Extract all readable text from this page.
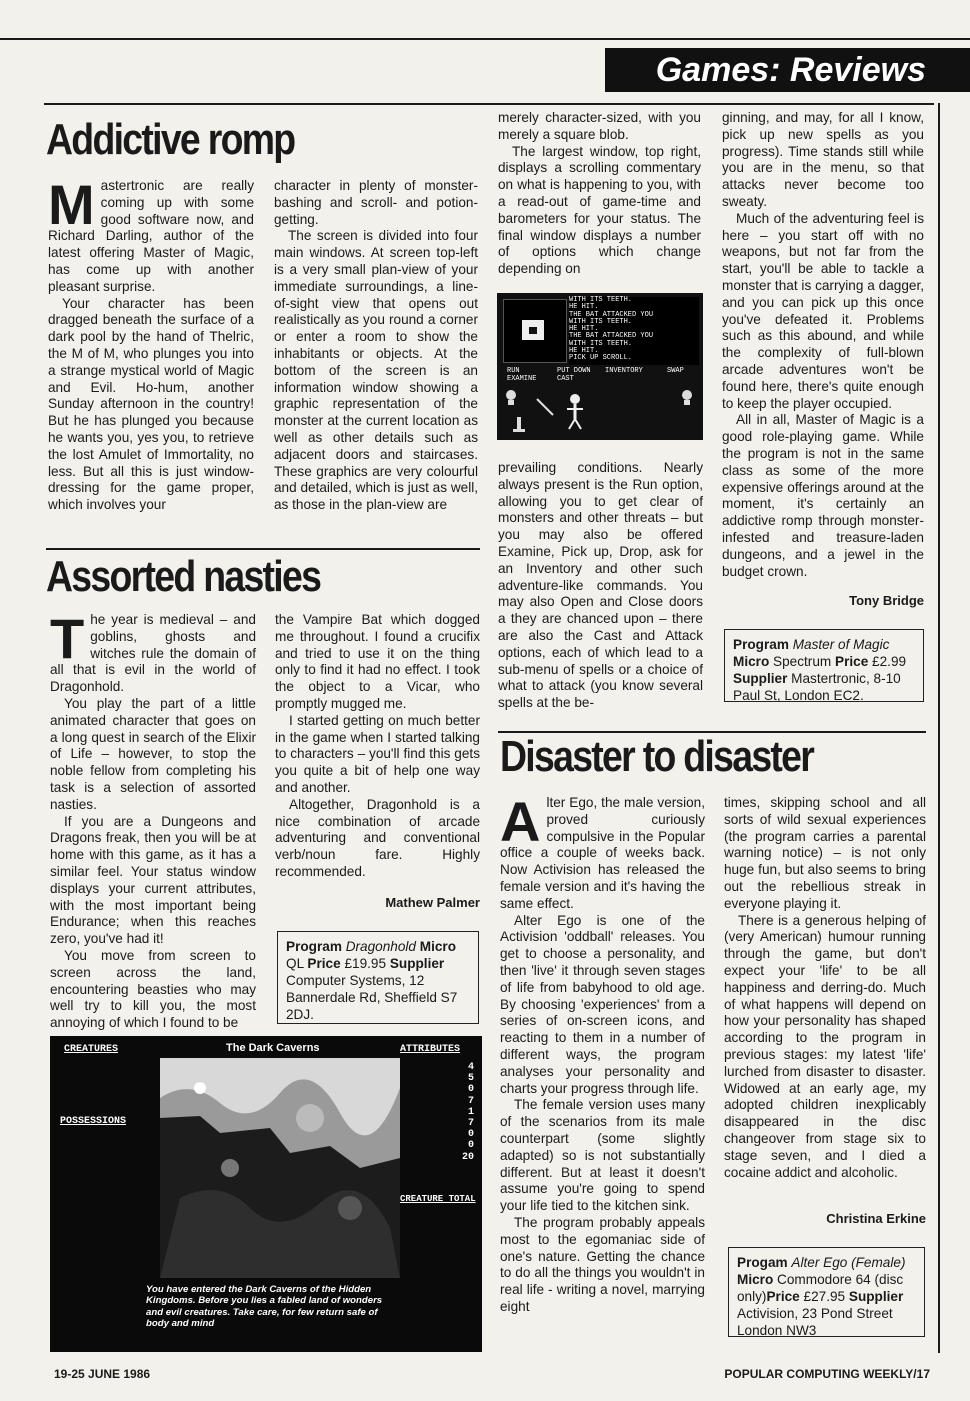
Games: Reviews
Addictive romp
M astertronic are really coming up with some good software now, and Richard Darling, author of the latest offering Master of Magic, has come up with another pleasant surprise.

Your character has been dragged beneath the surface of a dark pool by the hand of Thelric, the M of M, who plunges you into a strange mystical world of Magic and Evil. Ho-hum, another Sunday afternoon in the country! But he has plunged you because he wants you, yes you, to retrieve the lost Amulet of Immortality, no less. But all this is just window-dressing for the game proper, which involves your

character in plenty of monster-bashing and scroll- and potion-getting.

The screen is divided into four main windows. At screen top-left is a very small plan-view of your immediate surroundings, a line-of-sight view that opens out realistically as you round a corner or enter a room to show the inhabitants or objects. At the bottom of the screen is an information window showing a graphic representation of the monster at the current location as well as other details such as adjacent doors and staircases. These graphics are very colourful and detailed, which is just as well, as those in the plan-view are

merely character-sized, with you merely a square blob.

The largest window, top right, displays a scrolling commentary on what is happening to you, with a read-out of game-time and barometers for your status. The final window displays a number of options which change depending on

WITH ITS TEETH.
HE HIT.
THE BAT ATTACKED YOU
WITH ITS TEETH.
HE HIT.
THE BAT ATTACKED YOU
WITH ITS TEETH.
HE HIT.
PICK UP SCROLL.
RUN	PUT DOWN INVENTORY	SWAP
EXAMINE	CAST

prevailing conditions. Nearly always present is the Run option, allowing you to get clear of monsters and other threats – but you may also be offered Examine, Pick up, Drop, ask for an Inventory and other such adventure-like commands. You may also Open and Close doors a they are chanced upon – there are also the Cast and Attack options, each of which lead to a sub-menu of spells or a choice of what to attack (you know several spells at the be-

ginning, and may, for all I know, pick up new spells as you progress). Time stands still while you are in the menu, so that attacks never become too sweaty.

Much of the adventuring feel is here – you start off with no weapons, but not far from the start, you'll be able to tackle a monster that is carrying a dagger, and you can pick up this once you've defeated it. Problems such as this abound, and while the complexity of full-blown arcade adventures won't be found here, there's quite enough to keep the player occupied.

All in all, Master of Magic is a good role-playing game. While the program is not in the same class as some of the more expensive offerings around at the moment, it's certainly an addictive romp through monster-infested and treasure-laden dungeons, and a jewel in the budget crown.

Tony Bridge
Program Master of Magic Micro Spectrum Price £2.99 Supplier Mastertronic, 8-10 Paul St, London EC2.
Assorted nasties
T he year is medieval – and goblins, ghosts and witches rule the domain of all that is evil in the world of Dragonhold.

You play the part of a little animated character that goes on a long quest in search of the Elixir of Life – however, to stop the noble fellow from completing his task is a selection of assorted nasties.

If you are a Dungeons and Dragons freak, then you will be at home with this game, as it has a similar feel. Your status window displays your current attributes, with the most important being Endurance; when this reaches zero, you've had it!

You move from screen to screen across the land, encountering beasties who may well try to kill you, the most annoying of which I found to be

the Vampire Bat which dogged me throughout. I found a crucifix and tried to use it on the thing only to find it had no effect. I took the object to a Vicar, who promptly mugged me.

I started getting on much better in the game when I started talking to characters – you'll find this gets you quite a bit of help one way and another.

Altogether, Dragonhold is a nice combination of arcade adventuring and conventional verb/noun fare. Highly recommended.

Mathew Palmer
Program Dragonhold Micro QL Price £19.95 Supplier Computer Systems, 12 Bannerdale Rd, Sheffield S7 2DJ.
CREATURES	The Dark Caverns	ATTRIBUTES
POSSESSIONS
4
5
0
7
1
7
0
0
20
CREATURE TOTAL
You have entered the Dark Caverns of the Hidden Kingdoms. Before you lies a fabled land of wonders and evil creatures. Take care, for few return safe of body and mind
Disaster to disaster
A lter Ego, the male version, proved curiously compulsive in the Popular office a couple of weeks back. Now Activision has released the female version and it's having the same effect.

Alter Ego is one of the Activision 'oddball' releases. You get to choose a personality, and then 'live' it through seven stages of life from babyhood to old age. By choosing 'experiences' from a series of on-screen icons, and reacting to them in a number of different ways, the program analyses your personality and charts your progress through life.

The female version uses many of the scenarios from its male counterpart (some slightly adapted) so is not substantially different. But at least it doesn't assume you're going to spend your life tied to the kitchen sink.

The program probably appeals most to the egomaniac side of one's nature. Getting the chance to do all the things you wouldn't in real life - writing a novel, marrying eight

times, skipping school and all sorts of wild sexual experiences (the program carries a parental warning notice) – is not only huge fun, but also seems to bring out the rebellious streak in everyone playing it.

There is a generous helping of (very American) humour running through the game, but don't expect your 'life' to be all happiness and derring-do. Much of what happens will depend on how your personality has shaped according to the program in previous stages: my latest 'life' lurched from disaster to disaster. Widowed at an early age, my adopted children inexplicably disappeared in the disc changeover from stage six to stage seven, and I died a cocaine addict and alcoholic.

Christina Erkine
Progam Alter Ego (Female) Micro Commodore 64 (disc only)Price £27.95 Supplier Activision, 23 Pond Street London NW3
19-25 JUNE 1986	POPULAR COMPUTING WEEKLY/17
